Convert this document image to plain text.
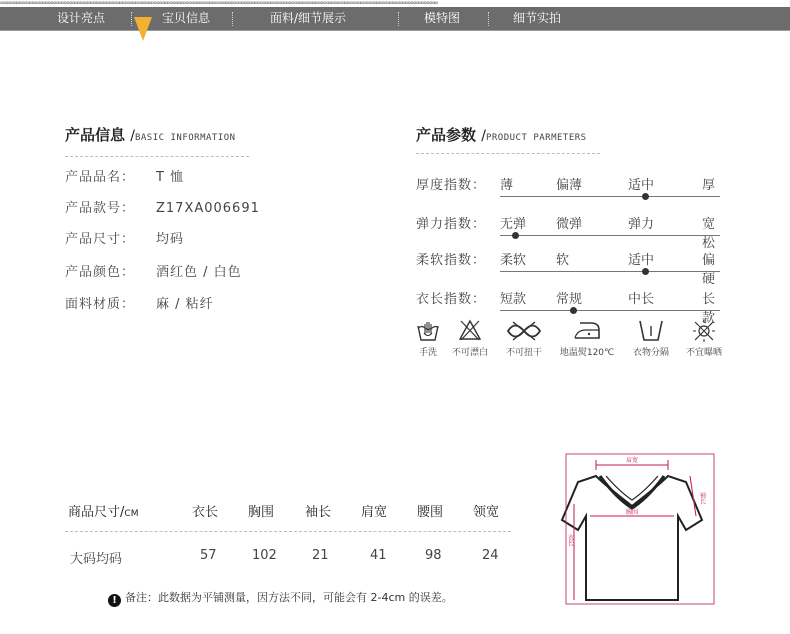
∞∞∞∞∞∞∞∞∞∞∞∞∞∞∞∞∞∞∞∞∞∞∞∞∞∞∞∞∞∞∞∞∞∞∞∞∞∞∞∞∞∞∞∞∞∞∞∞∞∞∞∞∞∞∞∞∞∞∞∞∞∞∞∞∞∞∞∞∞∞∞∞∞∞∞∞∞∞∞∞∞∞∞∞∞∞∞∞∞∞∞∞∞∞∞∞∞∞∞∞∞∞∞∞∞∞∞∞∞∞∞∞∞∞∞∞∞∞∞∞∞∞∞∞∞∞∞∞∞∞∞∞∞∞∞∞
设计亮点	宝贝信息	面料/细节展示	模特图	细节实拍
产品信息 /BASIC INFORMATION
产品品名： T 恤
产品款号： Z17XA006691
产品尺寸： 均码
产品颜色： 酒红色 / 白色
面料材质： 麻 / 粘纤
产品参数 /PRODUCT PARMETERS
厚度指数： 薄	偏薄	适中	厚
弹力指数： 无弹 微弹	弹力	宽松
柔软指数： 柔软 软	适中	偏硬
衣长指数： 短款 常规	中长	长款
手洗	不可漂白	不可扭干	地温熨120℃	衣物分隔	不宜曝晒
商品尺寸/CM	衣长 胸围 袖长 肩宽 腰围 领宽
大码均码	57	102	21	41	98	24
! 备注：此数据为平铺测量，因方法不同，可能会有 2-4cm 的误差。
肩宽
胸围
衣长
袖长
